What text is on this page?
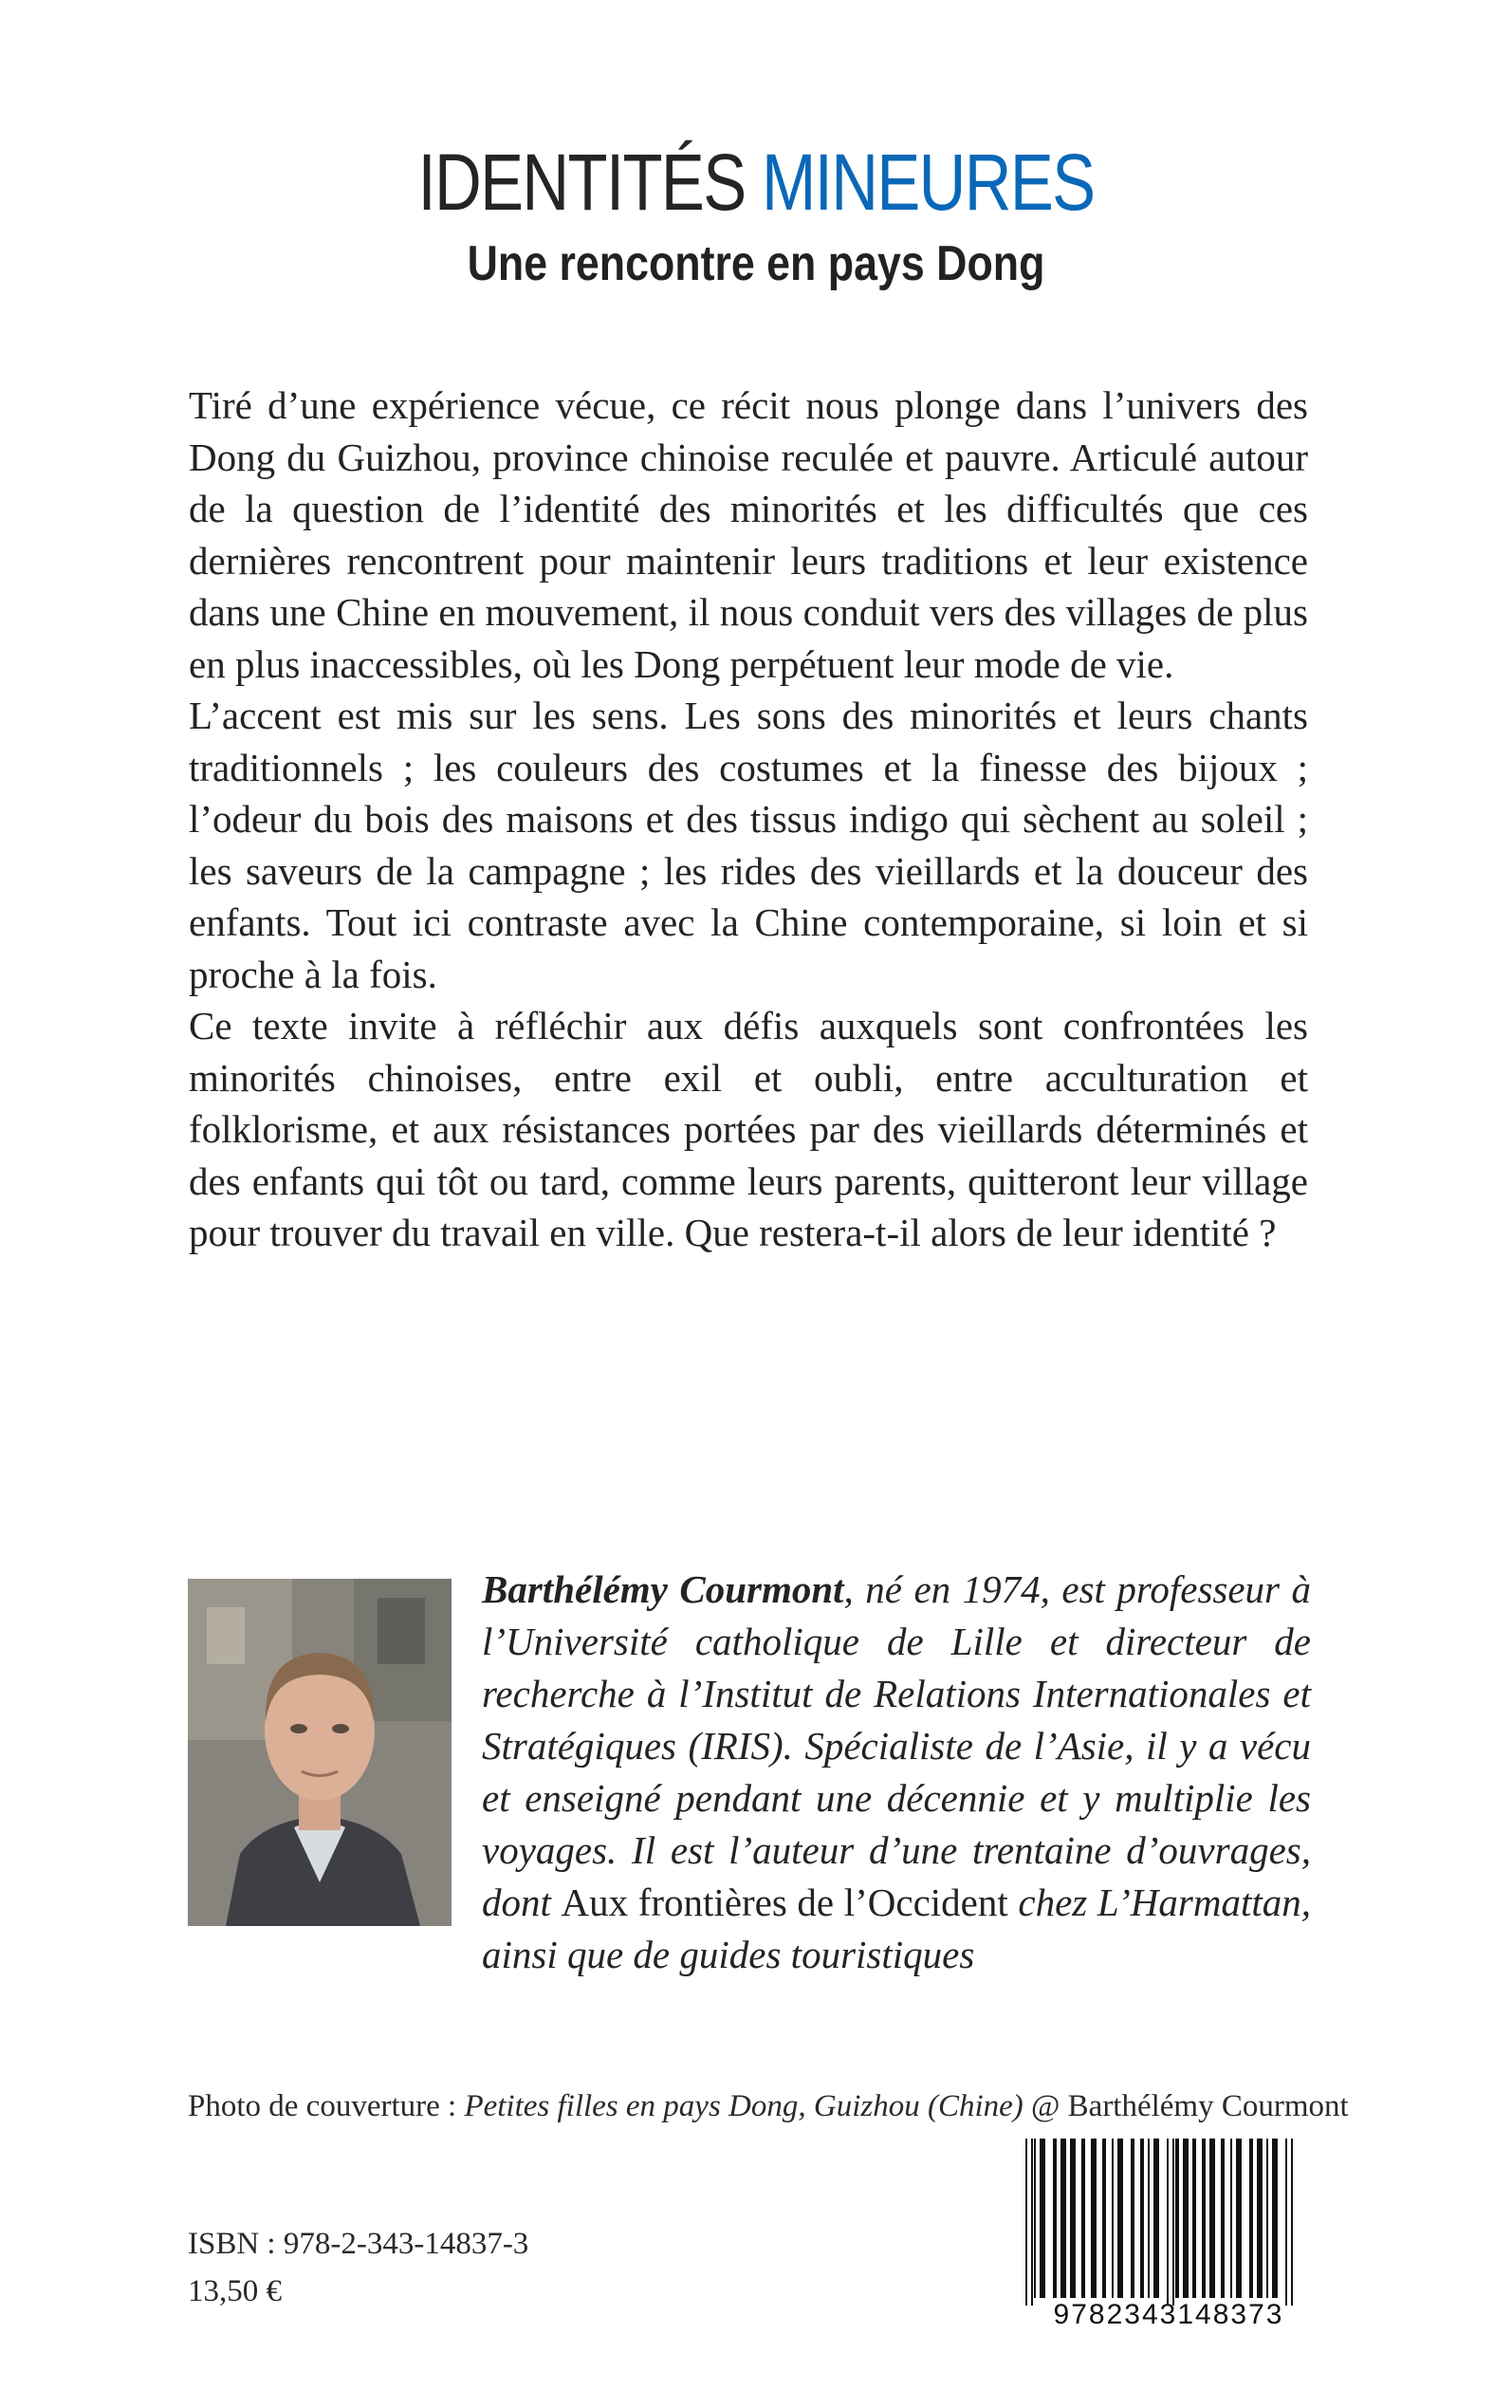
IDENTITÉS MINEURES
Une rencontre en pays Dong

Tiré d’une expérience vécue, ce récit nous plonge dans l’univers des Dong du Guizhou, province chinoise reculée et pauvre. Articulé autour de la question de l’identité des minorités et les difficultés que ces dernières rencontrent pour maintenir leurs traditions et leur existence dans une Chine en mouvement, il nous conduit vers des villages de plus en plus inaccessibles, où les Dong perpétuent leur mode de vie.

L’accent est mis sur les sens. Les sons des minorités et leurs chants traditionnels ; les couleurs des costumes et la finesse des bijoux ; l’odeur du bois des maisons et des tissus indigo qui sèchent au soleil ; les saveurs de la campagne ; les rides des vieillards et la douceur des enfants. Tout ici contraste avec la Chine contemporaine, si loin et si proche à la fois.

Ce texte invite à réfléchir aux défis auxquels sont confrontées les minorités chinoises, entre exil et oubli, entre acculturation et folklorisme, et aux résistances portées par des vieillards déterminés et des enfants qui tôt ou tard, comme leurs parents, quitteront leur village pour trouver du travail en ville. Que restera-t-il alors de leur identité ?

Barthélémy Courmont, né en 1974, est professeur à l’Université catholique de Lille et directeur de recherche à l’Institut de Relations Internationales et Stratégiques (IRIS). Spécialiste de l’Asie, il y a vécu et enseigné pendant une décennie et y multiplie les voyages. Il est l’auteur d’une trentaine d’ouvrages, dont Aux frontières de l’Occident chez L’Harmattan, ainsi que de guides touristiques
Photo de couverture : Petites filles en pays Dong, Guizhou (Chine) @ Barthélémy Courmont
ISBN : 978-2-343-14837-3
13,50 €
9782343148373
